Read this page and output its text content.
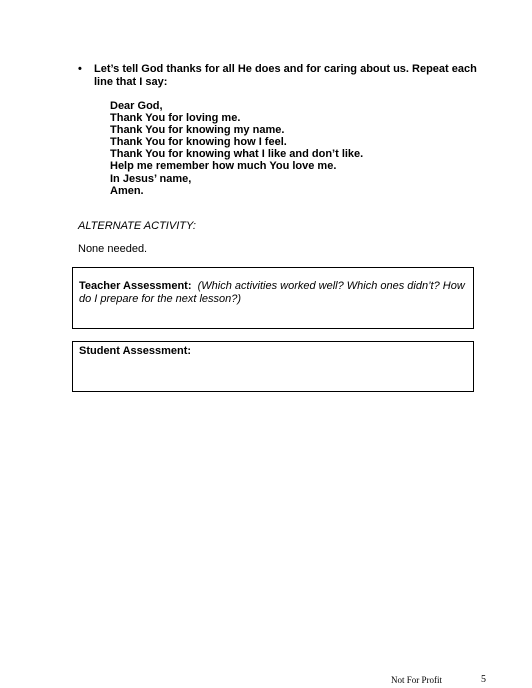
•	Let’s tell God thanks for all He does and for caring about us. Repeat each line that I say:
Dear God,
Thank You for loving me.
Thank You for knowing my name.
Thank You for knowing how I feel.
Thank You for knowing what I like and don’t like.
Help me remember how much You love me.
In Jesus’ name,
Amen.
ALTERNATE ACTIVITY:
None needed.
Teacher Assessment: (Which activities worked well? Which ones didn’t? How do I prepare for the next lesson?)
Student Assessment:
Not For Profit	5
